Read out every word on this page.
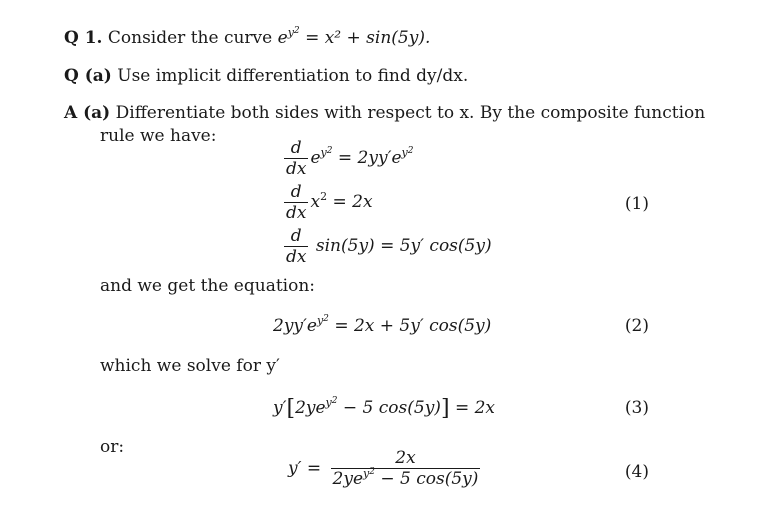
Q 1. Consider the curve $e^{y^2} = x^2 + \sin(5y)$.
Q (a) Use implicit differentiation to find dy/dx.
A (a) Differentiate both sides with respect to x. By the composite function
rule we have:
$\frac{d}{dx} e^{y^2} = 2yy'e^{y^2}$
$\frac{d}{dx} x^2 = 2x$
$\frac{d}{dx} \sin(5y) = 5y'$ cos(5y)
(1)
and we get the equation:
$2yy'e^{y^2} = 2x + 5y'$ cos(5y)	(2)
which we solve for y′
$y'[2ye^{y^2} - 5$ cos(5y)] = 2x	(3)
or:
$y' = \frac{2x}{2ye^{y^2} - 5 \cos(5y)}$	(4)
